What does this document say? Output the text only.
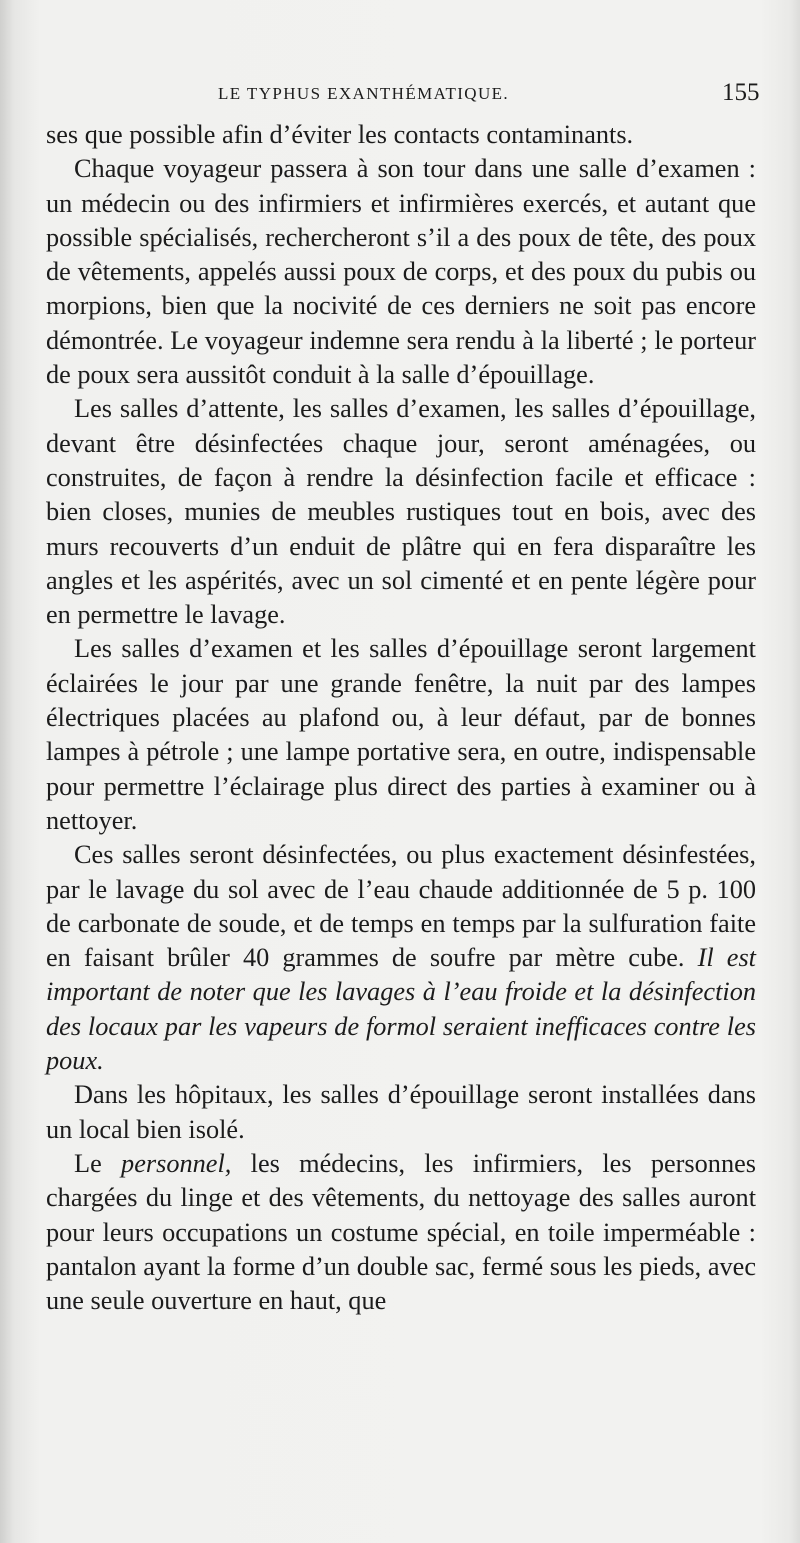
LE TYPHUS EXANTHÉMATIQUE.	155

ses que possible afin d’éviter les contacts contaminants.

Chaque voyageur passera à son tour dans une salle d’examen : un médecin ou des infirmiers et infirmières exercés, et autant que possible spécialisés, rechercheront s’il a des poux de tête, des poux de vêtements, appelés aussi poux de corps, et des poux du pubis ou morpions, bien que la nocivité de ces derniers ne soit pas encore démontrée. Le voyageur indemne sera rendu à la liberté ; le porteur de poux sera aussitôt conduit à la salle d’épouillage.

Les salles d’attente, les salles d’examen, les salles d’épouillage, devant être désinfectées chaque jour, seront aménagées, ou construites, de façon à rendre la désinfection facile et efficace : bien closes, munies de meubles rustiques tout en bois, avec des murs recouverts d’un enduit de plâtre qui en fera disparaître les angles et les aspérités, avec un sol cimenté et en pente légère pour en permettre le lavage.

Les salles d’examen et les salles d’épouillage seront largement éclairées le jour par une grande fenêtre, la nuit par des lampes électriques placées au plafond ou, à leur défaut, par de bonnes lampes à pétrole ; une lampe portative sera, en outre, indispensable pour permettre l’éclairage plus direct des parties à examiner ou à nettoyer.

Ces salles seront désinfectées, ou plus exactement désinfestées, par le lavage du sol avec de l’eau chaude additionnée de 5 p. 100 de carbonate de soude, et de temps en temps par la sulfuration faite en faisant brûler 40 grammes de soufre par mètre cube. Il est important de noter que les lavages à l’eau froide et la désinfection des locaux par les vapeurs de formol seraient inefficaces contre les poux.

Dans les hôpitaux, les salles d’épouillage seront installées dans un local bien isolé.

Le personnel, les médecins, les infirmiers, les personnes chargées du linge et des vêtements, du nettoyage des salles auront pour leurs occupations un costume spécial, en toile imperméable : pantalon ayant la forme d’un double sac, fermé sous les pieds, avec une seule ouverture en haut, que
